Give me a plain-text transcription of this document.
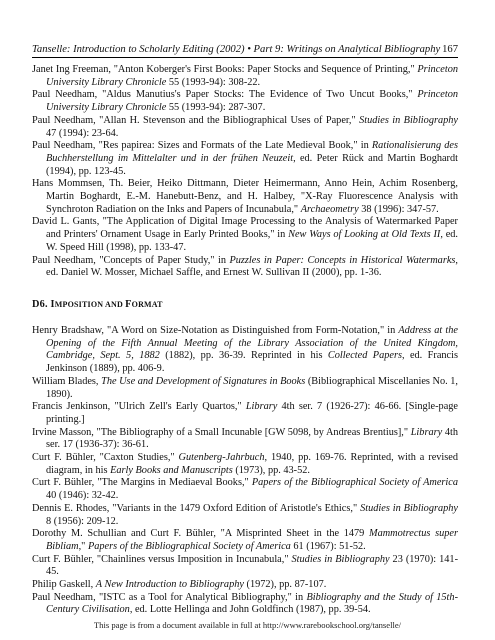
Tanselle: Introduction to Scholarly Editing (2002) • Part 9: Writings on Analytical Bibliography 167

Janet Ing Freeman, "Anton Koberger's First Books: Paper Stocks and Sequence of Printing," Princeton University Library Chronicle 55 (1993-94): 308-22.

Paul Needham, "Aldus Manutius's Paper Stocks: The Evidence of Two Uncut Books," Princeton University Library Chronicle 55 (1993-94): 287-307.

Paul Needham, "Allan H. Stevenson and the Bibliographical Uses of Paper," Studies in Bibliography 47 (1994): 23-64.

Paul Needham, "Res papirea: Sizes and Formats of the Late Medieval Book," in Rationalisierung des Buchherstellung im Mittelalter und in der frühen Neuzeit, ed. Peter Rück and Martin Boghardt (1994), pp. 123-45.

Hans Mommsen, Th. Beier, Heiko Dittmann, Dieter Heimermann, Anno Hein, Achim Rosenberg, Martin Boghardt, E.-M. Hanebutt-Benz, and H. Halbey, "X-Ray Fluorescence Analysis with Synchroton Radiation on the Inks and Papers of Incunabula," Archaeometry 38 (1996): 347-57.

David L. Gants, "The Application of Digital Image Processing to the Analysis of Watermarked Paper and Printers' Ornament Usage in Early Printed Books," in New Ways of Looking at Old Texts II, ed. W. Speed Hill (1998), pp. 133-47.

Paul Needham, "Concepts of Paper Study," in Puzzles in Paper: Concepts in Historical Watermarks, ed. Daniel W. Mosser, Michael Saffle, and Ernest W. Sullivan II (2000), pp. 1-36.

D6. IMPOSITION AND FORMAT

Henry Bradshaw, "A Word on Size-Notation as Distinguished from Form-Notation," in Address at the Opening of the Fifth Annual Meeting of the Library Association of the United Kingdom, Cambridge, Sept. 5, 1882 (1882), pp. 36-39. Reprinted in his Collected Papers, ed. Francis Jenkinson (1889), pp. 406-9.

William Blades, The Use and Development of Signatures in Books (Bibliographical Miscellanies No. 1, 1890).

Francis Jenkinson, "Ulrich Zell's Early Quartos," Library 4th ser. 7 (1926-27): 46-66. [Single-page printing.]

Irvine Masson, "The Bibliography of a Small Incunable [GW 5098, by Andreas Brentius]," Library 4th ser. 17 (1936-37): 36-61.

Curt F. Bühler, "Caxton Studies," Gutenberg-Jahrbuch, 1940, pp. 169-76. Reprinted, with a revised diagram, in his Early Books and Manuscripts (1973), pp. 43-52.

Curt F. Bühler, "The Margins in Mediaeval Books," Papers of the Bibliographical Society of America 40 (1946): 32-42.

Dennis E. Rhodes, "Variants in the 1479 Oxford Edition of Aristotle's Ethics," Studies in Bibliography 8 (1956): 209-12.

Dorothy M. Schullian and Curt F. Bühler, "A Misprinted Sheet in the 1479 Mammotrectus super Bibliam," Papers of the Bibliographical Society of America 61 (1967): 51-52.

Curt F. Bühler, "Chainlines versus Imposition in Incunabula," Studies in Bibliography 23 (1970): 141-45.

Philip Gaskell, A New Introduction to Bibliography (1972), pp. 87-107.

Paul Needham, "ISTC as a Tool for Analytical Bibliography," in Bibliography and the Study of 15th-Century Civilisation, ed. Lotte Hellinga and John Goldfinch (1987), pp. 39-54.

This page is from a document available in full at http://www.rarebookschool.org/tanselle/
